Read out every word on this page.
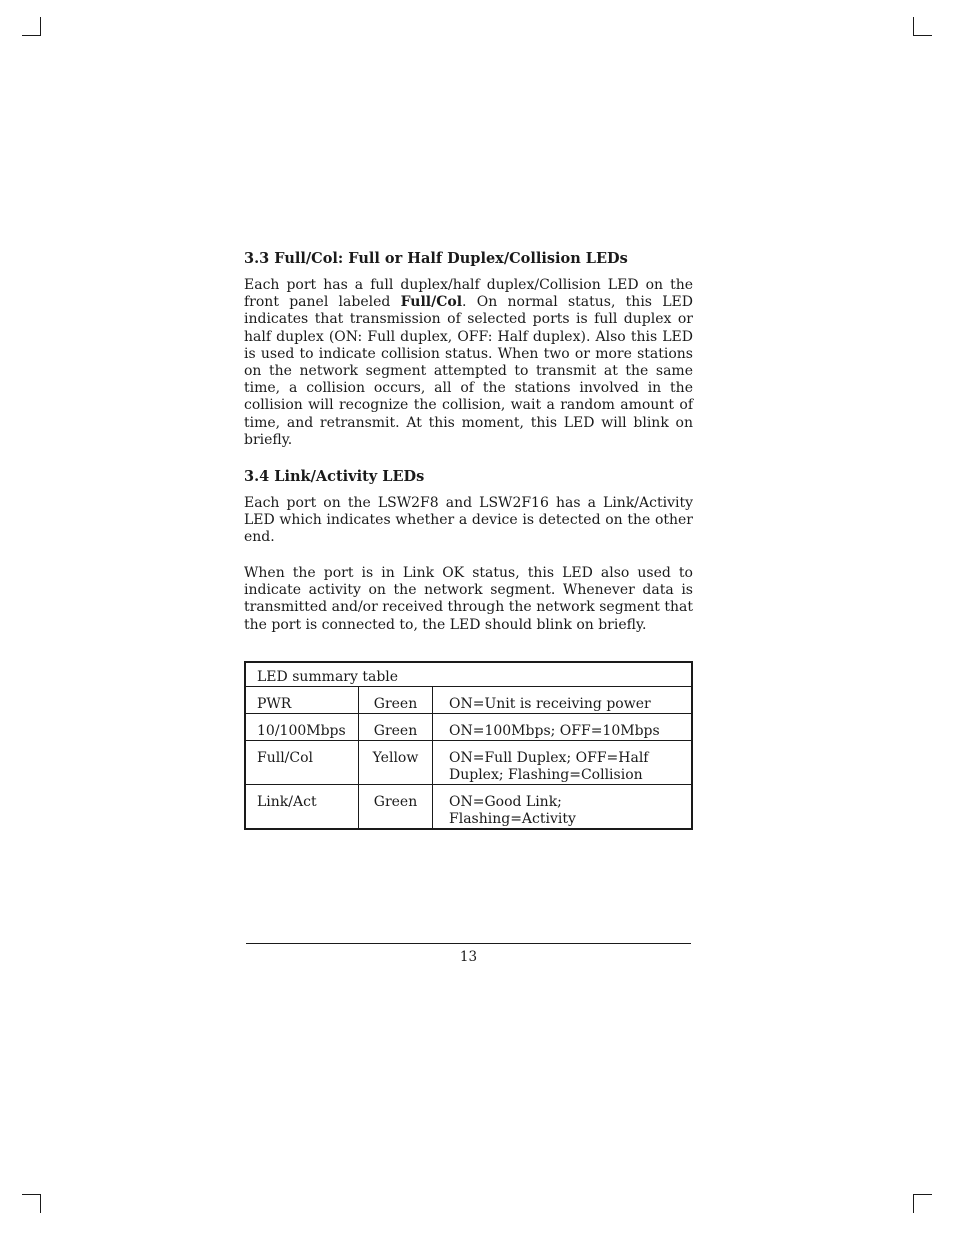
3.3 Full/Col: Full or Half Duplex/Collision LEDs

Each port has a full duplex/half duplex/Collision LED on the front panel labeled Full/Col. On normal status, this LED indicates that transmission of selected ports is full duplex or half duplex (ON: Full duplex, OFF: Half duplex). Also this LED is used to indicate collision status. When two or more stations on the network segment attempted to transmit at the same time, a collision occurs, all of the stations involved in the collision will recognize the collision, wait a random amount of time, and retransmit. At this moment, this LED will blink on briefly.

3.4 Link/Activity LEDs

Each port on the LSW2F8 and LSW2F16 has a Link/Activity LED which indicates whether a device is detected on the other end.

When the port is in Link OK status, this LED also used to indicate activity on the network segment. Whenever data is transmitted and/or received through the network segment that the port is connected to, the LED should blink on briefly.

LED summary table		
PWR	Green	ON=Unit is receiving power
10/100Mbps	Green	ON=100Mbps; OFF=10Mbps
Full/Col	Yellow	ON=Full Duplex; OFF=Half Duplex; Flashing=Collision
Link/Act	Green	ON=Good Link; Flashing=Activity
13
